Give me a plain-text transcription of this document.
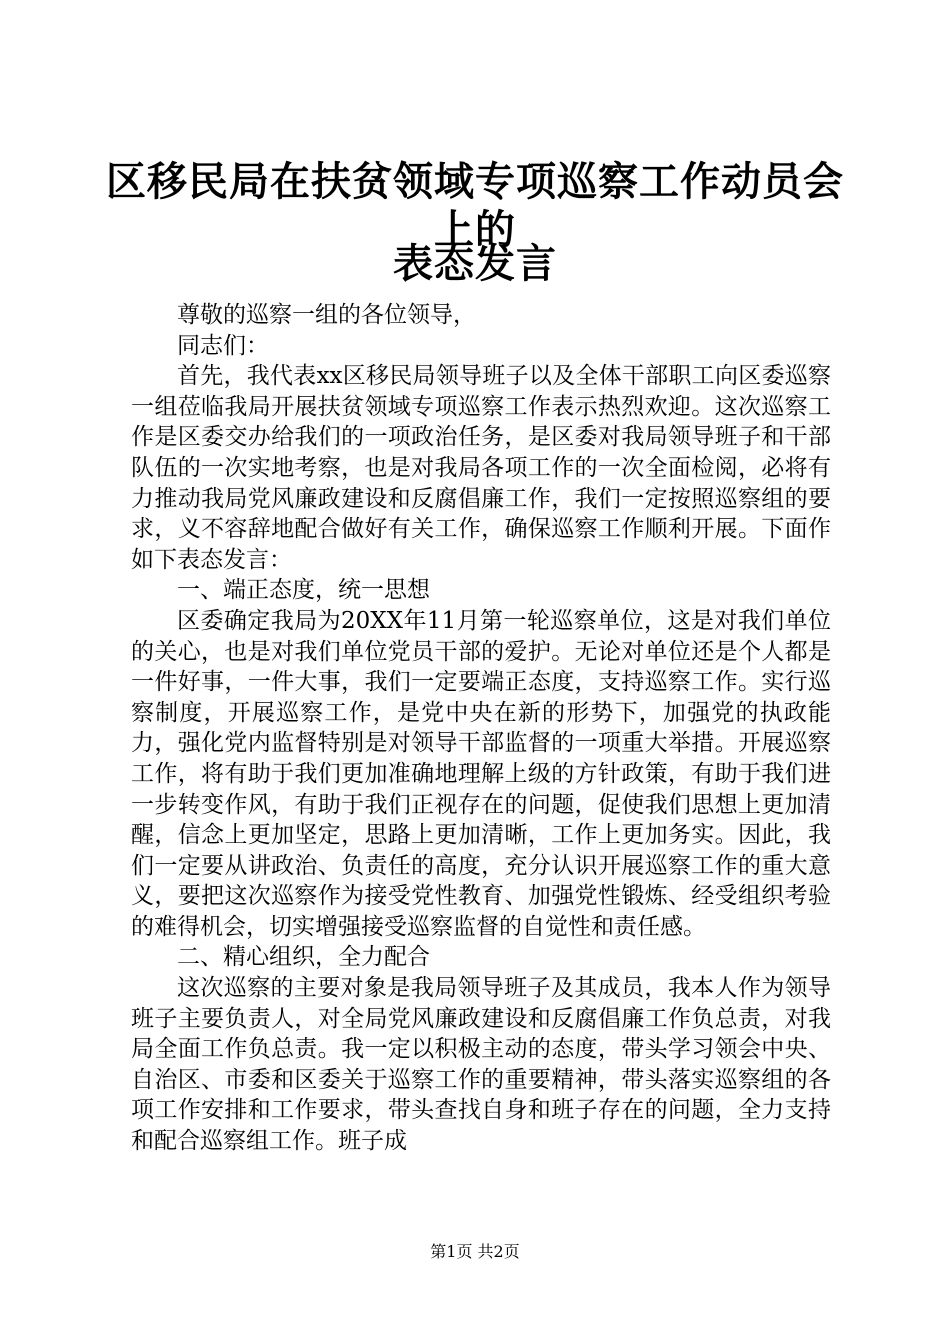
区移民局在扶贫领域专项巡察工作动员会上的
表态发言

尊敬的巡察一组的各位领导，

同志们：

首先，我代表xx区移民局领导班子以及全体干部职工向区委巡察一组莅临我局开展扶贫领域专项巡察工作表示热烈欢迎。这次巡察工作是区委交办给我们的一项政治任务，是区委对我局领导班子和干部队伍的一次实地考察，也是对我局各项工作的一次全面检阅，必将有力推动我局党风廉政建设和反腐倡廉工作，我们一定按照巡察组的要求，义不容辞地配合做好有关工作，确保巡察工作顺利开展。下面作如下表态发言：

一、端正态度，统一思想

区委确定我局为20XX年11月第一轮巡察单位，这是对我们单位的关心，也是对我们单位党员干部的爱护。无论对单位还是个人都是一件好事，一件大事，我们一定要端正态度，支持巡察工作。实行巡察制度，开展巡察工作，是党中央在新的形势下，加强党的执政能力，强化党内监督特别是对领导干部监督的一项重大举措。开展巡察工作，将有助于我们更加准确地理解上级的方针政策，有助于我们进一步转变作风，有助于我们正视存在的问题，促使我们思想上更加清醒，信念上更加坚定，思路上更加清晰，工作上更加务实。因此，我们一定要从讲政治、负责任的高度，充分认识开展巡察工作的重大意义，要把这次巡察作为接受党性教育、加强党性锻炼、经受组织考验的难得机会，切实增强接受巡察监督的自觉性和责任感。

二、精心组织，全力配合

这次巡察的主要对象是我局领导班子及其成员，我本人作为领导班子主要负责人，对全局党风廉政建设和反腐倡廉工作负总责，对我局全面工作负总责。我一定以积极主动的态度，带头学习领会中央、自治区、市委和区委关于巡察工作的重要精神，带头落实巡察组的各项工作安排和工作要求，带头查找自身和班子存在的问题，全力支持和配合巡察组工作。班子成

第1页 共2页
